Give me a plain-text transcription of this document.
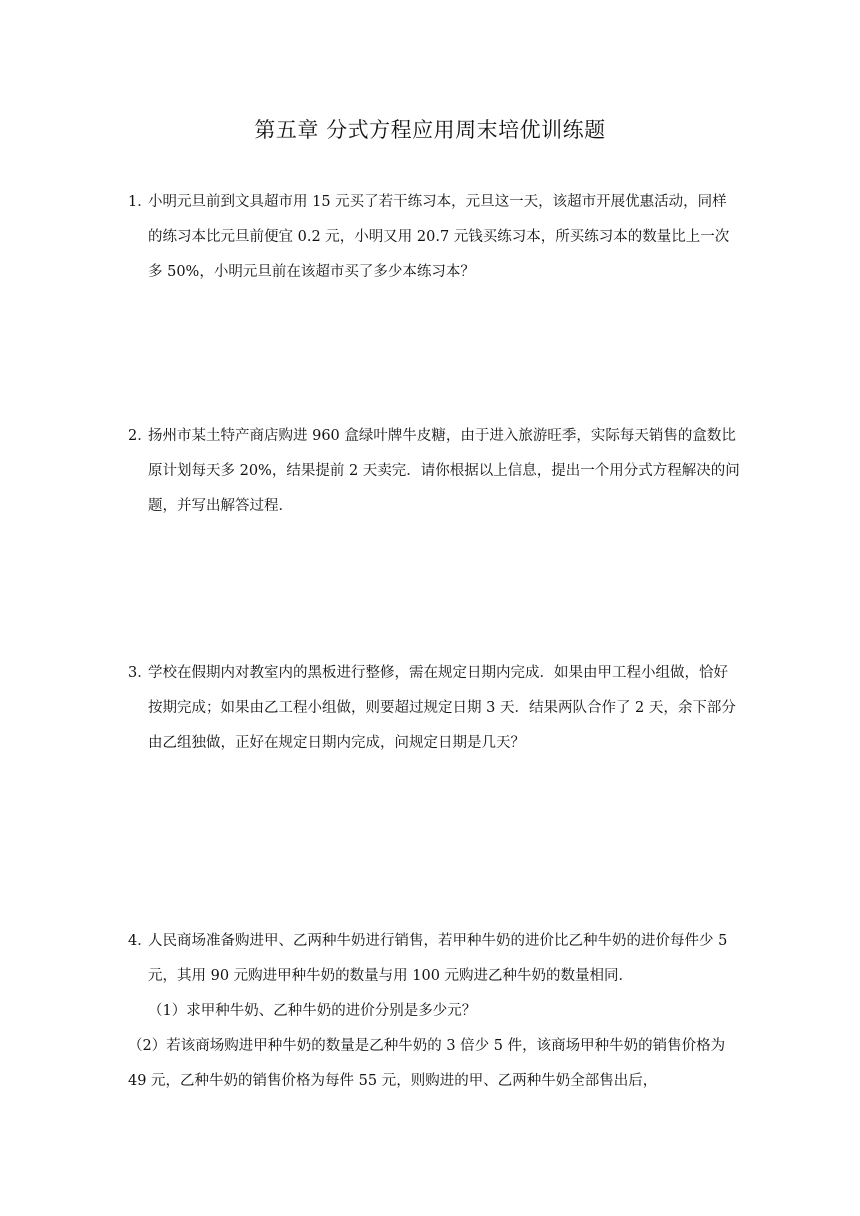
第五章 分式方程应用周末培优训练题

1．小明元旦前到文具超市用 15 元买了若干练习本，元旦这一天，该超市开展优惠活动，同样的练习本比元旦前便宜 0.2 元，小明又用 20.7 元钱买练习本，所买练习本的数量比上一次多 50%，小明元旦前在该超市买了多少本练习本？

2．扬州市某土特产商店购进 960 盒绿叶牌牛皮糖，由于进入旅游旺季，实际每天销售的盒数比原计划每天多 20%，结果提前 2 天卖完．请你根据以上信息，提出一个用分式方程解决的问题，并写出解答过程．

3．学校在假期内对教室内的黑板进行整修，需在规定日期内完成．如果由甲工程小组做，恰好按期完成；如果由乙工程小组做，则要超过规定日期 3 天．结果两队合作了 2 天，余下部分由乙组独做，正好在规定日期内完成，问规定日期是几天？

4．人民商场准备购进甲、乙两种牛奶进行销售，若甲种牛奶的进价比乙种牛奶的进价每件少 5 元，其用 90 元购进甲种牛奶的数量与用 100 元购进乙种牛奶的数量相同．

（1）求甲种牛奶、乙种牛奶的进价分别是多少元？

（2）若该商场购进甲种牛奶的数量是乙种牛奶的 3 倍少 5 件，该商场甲种牛奶的销售价格为 49 元，乙种牛奶的销售价格为每件 55 元，则购进的甲、乙两种牛奶全部售出后，
